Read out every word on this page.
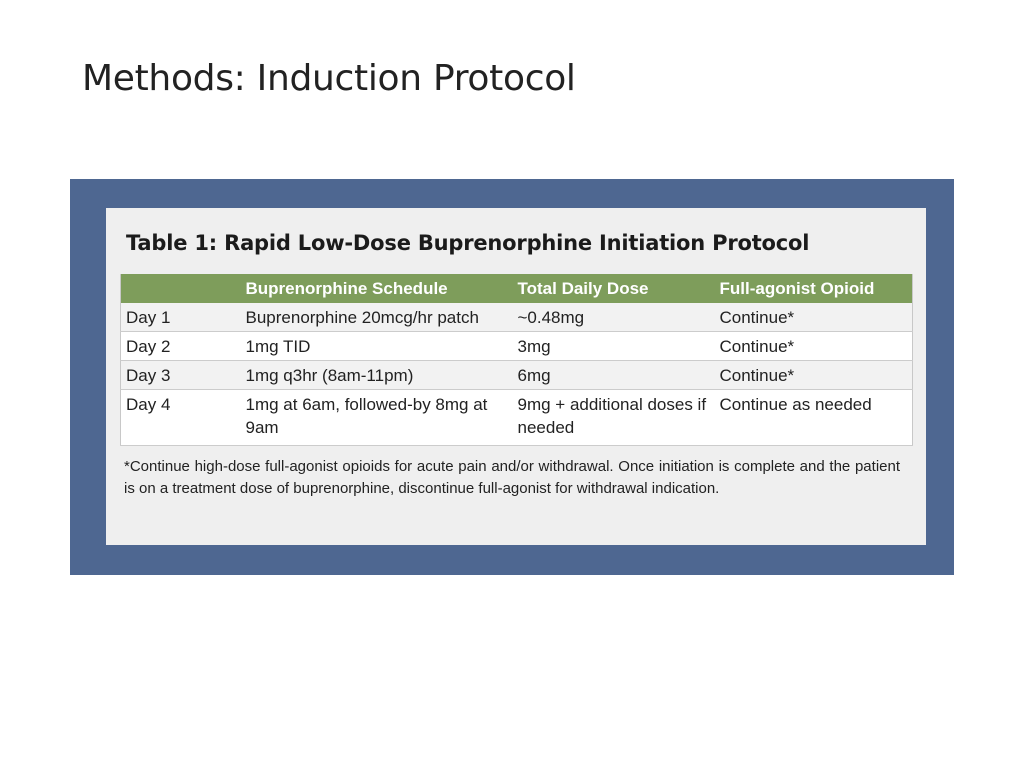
Methods: Induction Protocol
Table 1: Rapid Low-Dose Buprenorphine Initiation Protocol
	Buprenorphine Schedule	Total Daily Dose	Full-agonist Opioid
Day 1	Buprenorphine 20mcg/hr patch	~0.48mg	Continue*
Day 2	1mg TID	3mg	Continue*
Day 3	1mg q3hr (8am-11pm)	6mg	Continue*
Day 4	1mg at 6am, followed-by 8mg at 9am	9mg + additional doses if needed	Continue as needed
*Continue high-dose full-agonist opioids for acute pain and/or withdrawal. Once initiation is complete and the patient is on a treatment dose of buprenorphine, discontinue full-agonist for withdrawal indication.
